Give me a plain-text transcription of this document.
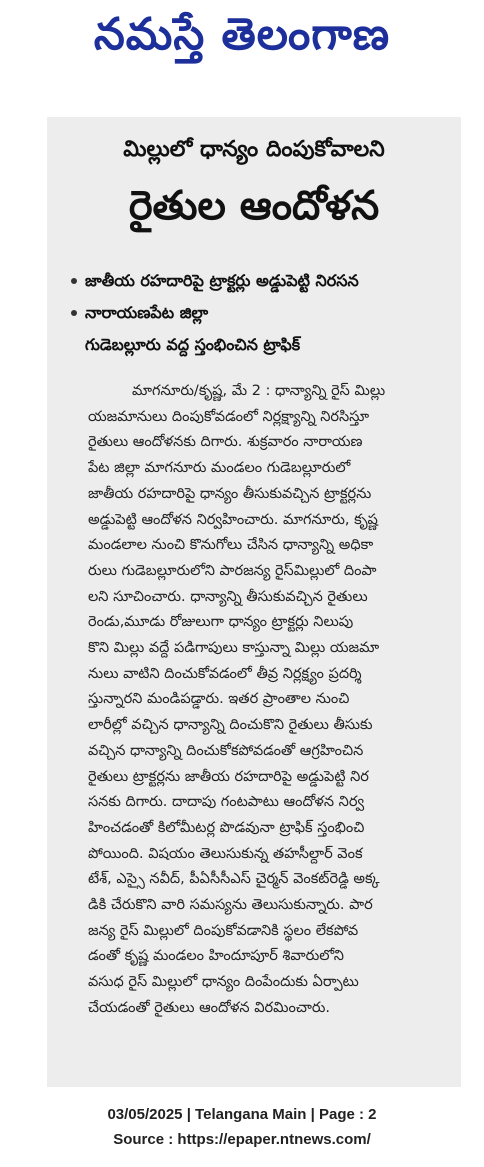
నమస్తే తెలంగాణ
మిల్లులో ధాన్యం దింపుకోవాలని
రైతుల ఆందోళన
జాతీయ రహదారిపై ట్రాక్టర్లు అడ్డుపెట్టి నిరసన
నారాయణపేట జిల్లా
గుడెబల్లూరు వద్ద స్తంభించిన ట్రాఫిక్
మాగనూరు/కృష్ణ, మే 2 : ధాన్యాన్ని రైస్ మిల్లు
యజమానులు దింపుకోవడంలో నిర్లక్ష్యాన్ని నిరసిస్తూ
రైతులు ఆందోళనకు దిగారు. శుక్రవారం నారాయణ
పేట జిల్లా మాగనూరు మండలం గుడెబల్లూరులో
జాతీయ రహదారిపై ధాన్యం తీసుకువచ్చిన ట్రాక్టర్లను
అడ్డుపెట్టి ఆందోళన నిర్వహించారు. మాగనూరు, కృష్ణ
మండలాల నుంచి కొనుగోలు చేసిన ధాన్యాన్ని అధికా
రులు గుడెబల్లూరులోని పారజన్య రైస్‌మిల్లులో దింపా
లని సూచించారు. ధాన్యాన్ని తీసుకువచ్చిన రైతులు
రెండు,మూడు రోజులుగా ధాన్యం ట్రాక్టర్లు నిలుపు
కొని మిల్లు వద్దే పడిగాపులు కాస్తున్నా మిల్లు యజమా
నులు వాటిని దించుకోవడంలో తీవ్ర నిర్లక్ష్యం ప్రదర్శి
స్తున్నారని మండిపడ్డారు. ఇతర ప్రాంతాల నుంచి
లారీల్లో వచ్చిన ధాన్యాన్ని దించుకొని రైతులు తీసుకు
వచ్చిన ధాన్యాన్ని దించుకోకపోవడంతో ఆగ్రహించిన
రైతులు ట్రాక్టర్లను జాతీయ రహదారిపై అడ్డుపెట్టి నిర
సనకు దిగారు. దాదాపు గంటపాటు ఆందోళన నిర్వ
హించడంతో కిలోమీటర్ల పొడవునా ట్రాఫిక్ స్తంభించి
పోయింది. విషయం తెలుసుకున్న తహసీల్దార్ వెంక
టేశ్, ఎస్సై నవీద్, పీఏసీసీఎస్ చైర్మన్ వెంకట్‌రెడ్డి అక్క
డికి చేరుకొని వారి సమస్యను తెలుసుకున్నారు. పార
జన్య రైస్ మిల్లులో దింపుకోవడానికి స్థలం లేకపోవ
డంతో కృష్ణ మండలం హిందూపూర్ శివారులోని
వసుధ రైస్ మిల్లులో ధాన్యం దింపేందుకు ఏర్పాటు
చేయడంతో రైతులు ఆందోళన విరమించారు.
03/05/2025 | Telangana Main | Page : 2
Source : https://epaper.ntnews.com/
